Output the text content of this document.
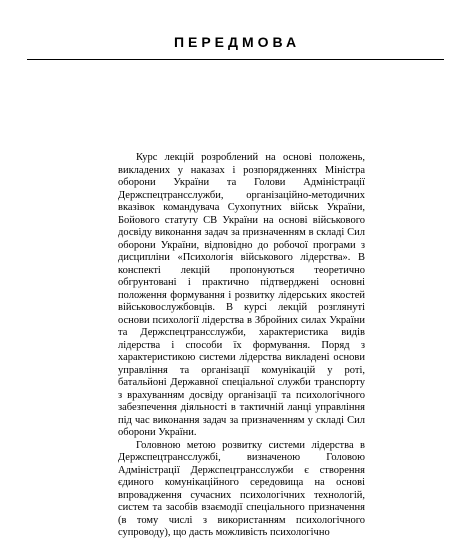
ПЕРЕДМОВА

Курс лекцій розроблений на основі положень, викладених у наказах і розпорядженнях Міністра оборони України та Голови Адміністрації Держспецтрансслужби, організаційно-методичних вказівок командувача Сухопутних військ України, Бойового статуту СВ України на основі військового досвіду виконання задач за призначенням в складі Сил оборони України, відповідно до робочої програми з дисципліни «Психологія військового лідерства». В конспекті лекцій пропонуються теоретично обгрунтовані і практично підтверджені основні положення формування і розвитку лідерських якостей військовослужбовців. В курсі лекцій розглянуті основи психології лідерства в Збройних силах України та Держспецтрансслужби, характеристика видів лідерства і способи їх формування. Поряд з характеристикою системи лідерства викладені основи управління та організації комунікацій у роті, батальйоні Державної спеціальної служби транспорту з врахуванням досвіду організації та психологічного забезпечення діяльності в тактичній ланці управління під час виконання задач за призначенням у складі Сил оборони України.

Головною метою розвитку системи лідерства в Держспецтрансслужбі, визначеною Головою Адміністрації Держспецтрансслужби є створення єдиного комунікаційного середовища на основі впровадження сучасних психологічних технологій, систем та засобів взаємодії спеціального призначення (в тому числі з використанням психологічного супроводу), що дасть можливість психологічно
